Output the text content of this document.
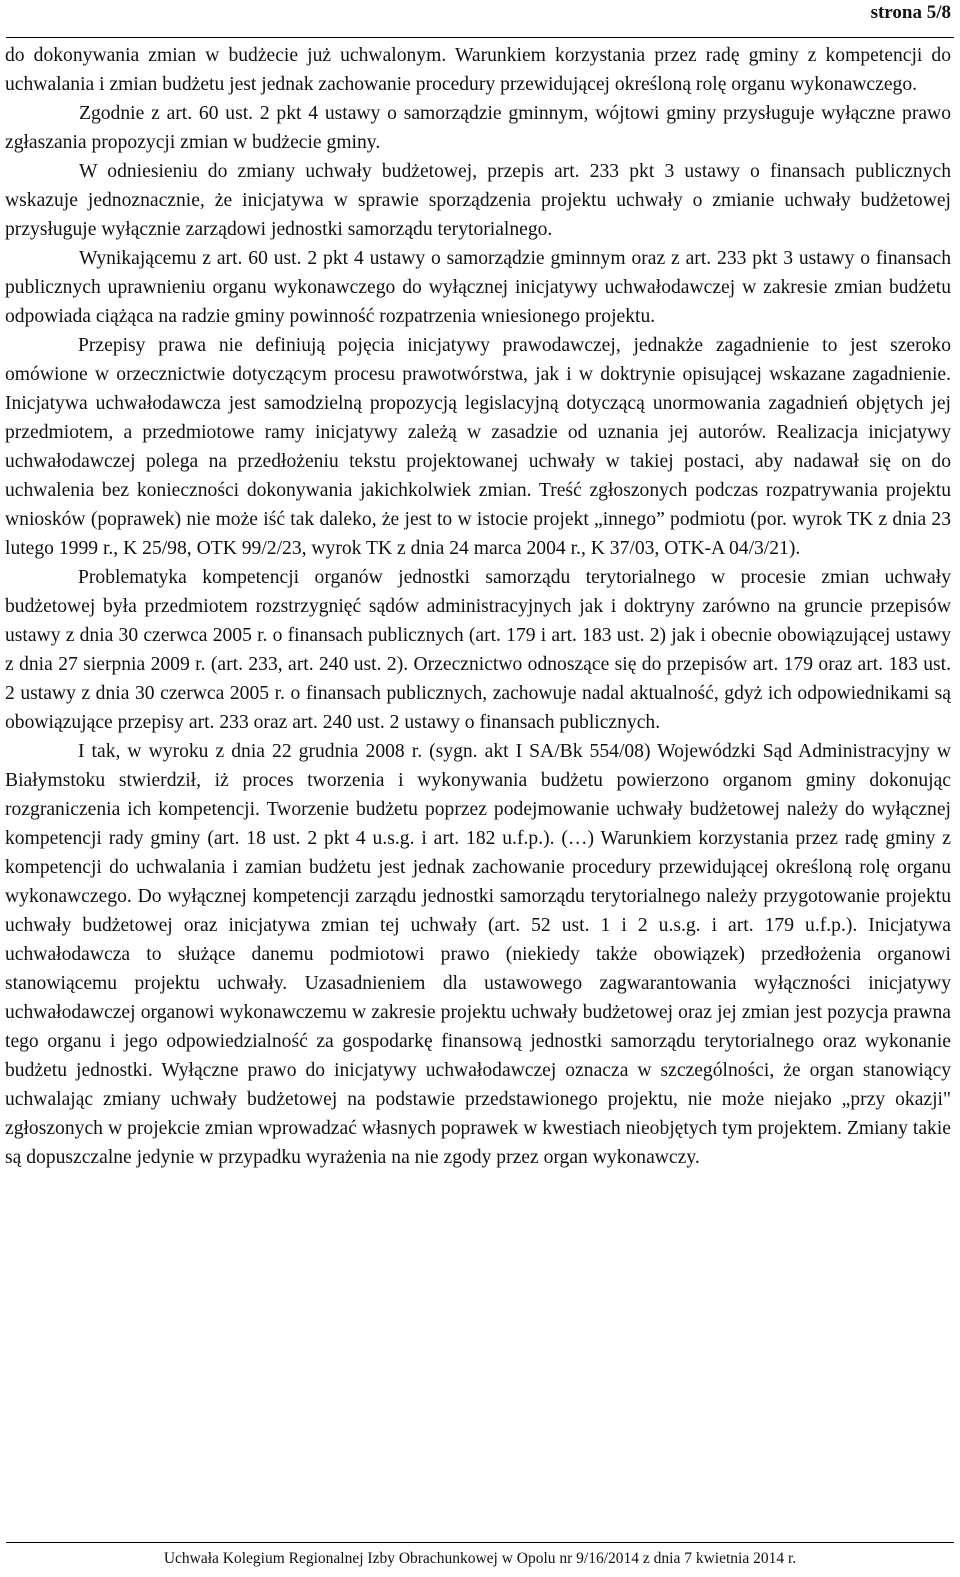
strona 5/8

do dokonywania zmian w budżecie już uchwalonym. Warunkiem korzystania przez radę gminy z kompetencji do uchwalania i zmian budżetu jest jednak zachowanie procedury przewidującej określoną rolę organu wykonawczego.

Zgodnie z art. 60 ust. 2 pkt 4 ustawy o samorządzie gminnym, wójtowi gminy przysługuje wyłączne prawo zgłaszania propozycji zmian w budżecie gminy.

W odniesieniu do zmiany uchwały budżetowej, przepis art. 233 pkt 3 ustawy o finansach publicznych wskazuje jednoznacznie, że inicjatywa w sprawie sporządzenia projektu uchwały o zmianie uchwały budżetowej przysługuje wyłącznie zarządowi jednostki samorządu terytorialnego.

Wynikającemu z art. 60 ust. 2 pkt 4 ustawy o samorządzie gminnym oraz z art. 233 pkt 3 ustawy o finansach publicznych uprawnieniu organu wykonawczego do wyłącznej inicjatywy uchwałodawczej w zakresie zmian budżetu odpowiada ciążąca na radzie gminy powinność rozpatrzenia wniesionego projektu.

Przepisy prawa nie definiują pojęcia inicjatywy prawodawczej, jednakże zagadnienie to jest szeroko omówione w orzecznictwie dotyczącym procesu prawotwórstwa, jak i w doktrynie opisującej wskazane zagadnienie. Inicjatywa uchwałodawcza jest samodzielną propozycją legislacyjną dotyczącą unormowania zagadnień objętych jej przedmiotem, a przedmiotowe ramy inicjatywy zależą w zasadzie od uznania jej autorów. Realizacja inicjatywy uchwałodawczej polega na przedłożeniu tekstu projektowanej uchwały w takiej postaci, aby nadawał się on do uchwalenia bez konieczności dokonywania jakichkolwiek zmian. Treść zgłoszonych podczas rozpatrywania projektu wniosków (poprawek) nie może iść tak daleko, że jest to w istocie projekt „innego” podmiotu (por. wyrok TK z dnia 23 lutego 1999 r., K 25/98, OTK 99/2/23, wyrok TK z dnia 24 marca 2004 r., K 37/03, OTK-A 04/3/21).

Problematyka kompetencji organów jednostki samorządu terytorialnego w procesie zmian uchwały budżetowej była przedmiotem rozstrzygnięć sądów administracyjnych jak i doktryny zarówno na gruncie przepisów ustawy z dnia 30 czerwca 2005 r. o finansach publicznych (art. 179 i art. 183 ust. 2) jak i obecnie obowiązującej ustawy z dnia 27 sierpnia 2009 r. (art. 233, art. 240 ust. 2). Orzecznictwo odnoszące się do przepisów art. 179 oraz art. 183 ust. 2 ustawy z dnia 30 czerwca 2005 r. o finansach publicznych, zachowuje nadal aktualność, gdyż ich odpowiednikami są obowiązujące przepisy art. 233 oraz art. 240 ust. 2 ustawy o finansach publicznych.

I tak, w wyroku z dnia 22 grudnia 2008 r. (sygn. akt I SA/Bk 554/08) Wojewódzki Sąd Administracyjny w Białymstoku stwierdził, iż proces tworzenia i wykonywania budżetu powierzono organom gminy dokonując rozgraniczenia ich kompetencji. Tworzenie budżetu poprzez podejmowanie uchwały budżetowej należy do wyłącznej kompetencji rady gminy (art. 18 ust. 2 pkt 4 u.s.g. i art. 182 u.f.p.). (…) Warunkiem korzystania przez radę gminy z kompetencji do uchwalania i zamian budżetu jest jednak zachowanie procedury przewidującej określoną rolę organu wykonawczego. Do wyłącznej kompetencji zarządu jednostki samorządu terytorialnego należy przygotowanie projektu uchwały budżetowej oraz inicjatywa zmian tej uchwały (art. 52 ust. 1 i 2 u.s.g. i art. 179 u.f.p.). Inicjatywa uchwałodawcza to służące danemu podmiotowi prawo (niekiedy także obowiązek) przedłożenia organowi stanowiącemu projektu uchwały. Uzasadnieniem dla ustawowego zagwarantowania wyłączności inicjatywy uchwałodawczej organowi wykonawczemu w zakresie projektu uchwały budżetowej oraz jej zmian jest pozycja prawna tego organu i jego odpowiedzialność za gospodarkę finansową jednostki samorządu terytorialnego oraz wykonanie budżetu jednostki. Wyłączne prawo do inicjatywy uchwałodawczej oznacza w szczególności, że organ stanowiący uchwalając zmiany uchwały budżetowej na podstawie przedstawionego projektu, nie może niejako „przy okazji" zgłoszonych w projekcie zmian wprowadzać własnych poprawek w kwestiach nieobjętych tym projektem. Zmiany takie są dopuszczalne jedynie w przypadku wyrażenia na nie zgody przez organ wykonawczy.

Uchwała Kolegium Regionalnej Izby Obrachunkowej w Opolu nr 9/16/2014 z dnia 7 kwietnia 2014 r.
